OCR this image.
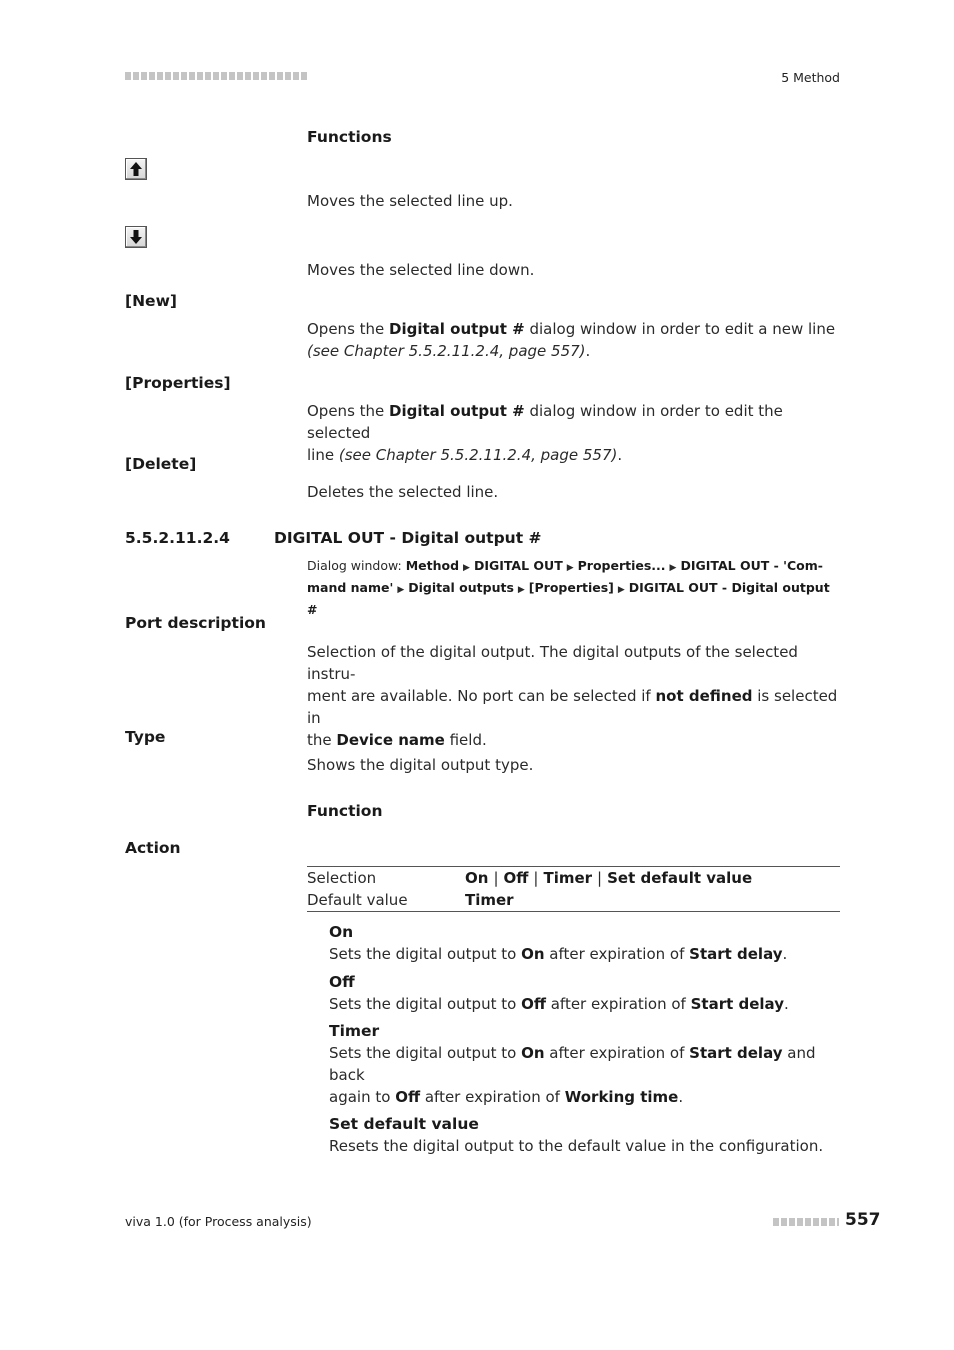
5 Method
Functions
Moves the selected line up.
Moves the selected line down.
[New]
Opens the Digital output # dialog window in order to edit a new line
(see Chapter 5.5.2.11.2.4, page 557).
[Properties]
Opens the Digital output # dialog window in order to edit the selected
line (see Chapter 5.5.2.11.2.4, page 557).
[Delete]
Deletes the selected line.
5.5.2.11.2.4	DIGITAL OUT - Digital output #
Dialog window: Method ▶ DIGITAL OUT ▶ Properties... ▶ DIGITAL OUT - 'Com-
mand name' ▶ Digital outputs ▶ [Properties] ▶ DIGITAL OUT - Digital output #
Port description
Selection of the digital output. The digital outputs of the selected instru-
ment are available. No port can be selected if not defined is selected in
the Device name field.
Type
Shows the digital output type.
Function
Action
Selection	On | Off | Timer | Set default value
Default value	Timer
On
Sets the digital output to On after expiration of Start delay.
Off
Sets the digital output to Off after expiration of Start delay.
Timer
Sets the digital output to On after expiration of Start delay and back
again to Off after expiration of Working time.
Set default value
Resets the digital output to the default value in the configuration.
viva 1.0 (for Process analysis)	557
